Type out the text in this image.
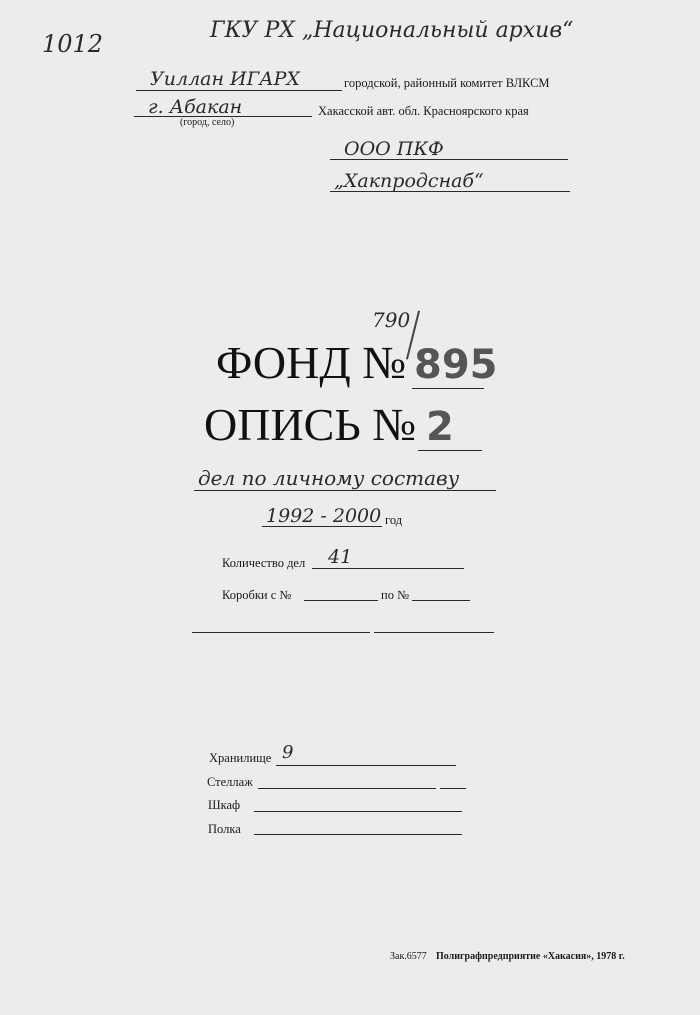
1012	ГКУ РХ „Национальный архив“
Уиллан ИГАРХ	городской, районный комитет ВЛКСМ
г. Абакан
(город, село)
Хакасской авт. обл. Красноярского края
ООО ПКФ
„Хакпродснаб“
790
ФОНД № 895
ОПИСЬ № 2
дел по личному составу
1992 - 2000 год
Количество дел 41
Коробки с №	по №
Хранилище 9
Стеллаж
Шкаф
Полка
Зак.6577 Полиграфпредприятие «Хакасия», 1978 г.
